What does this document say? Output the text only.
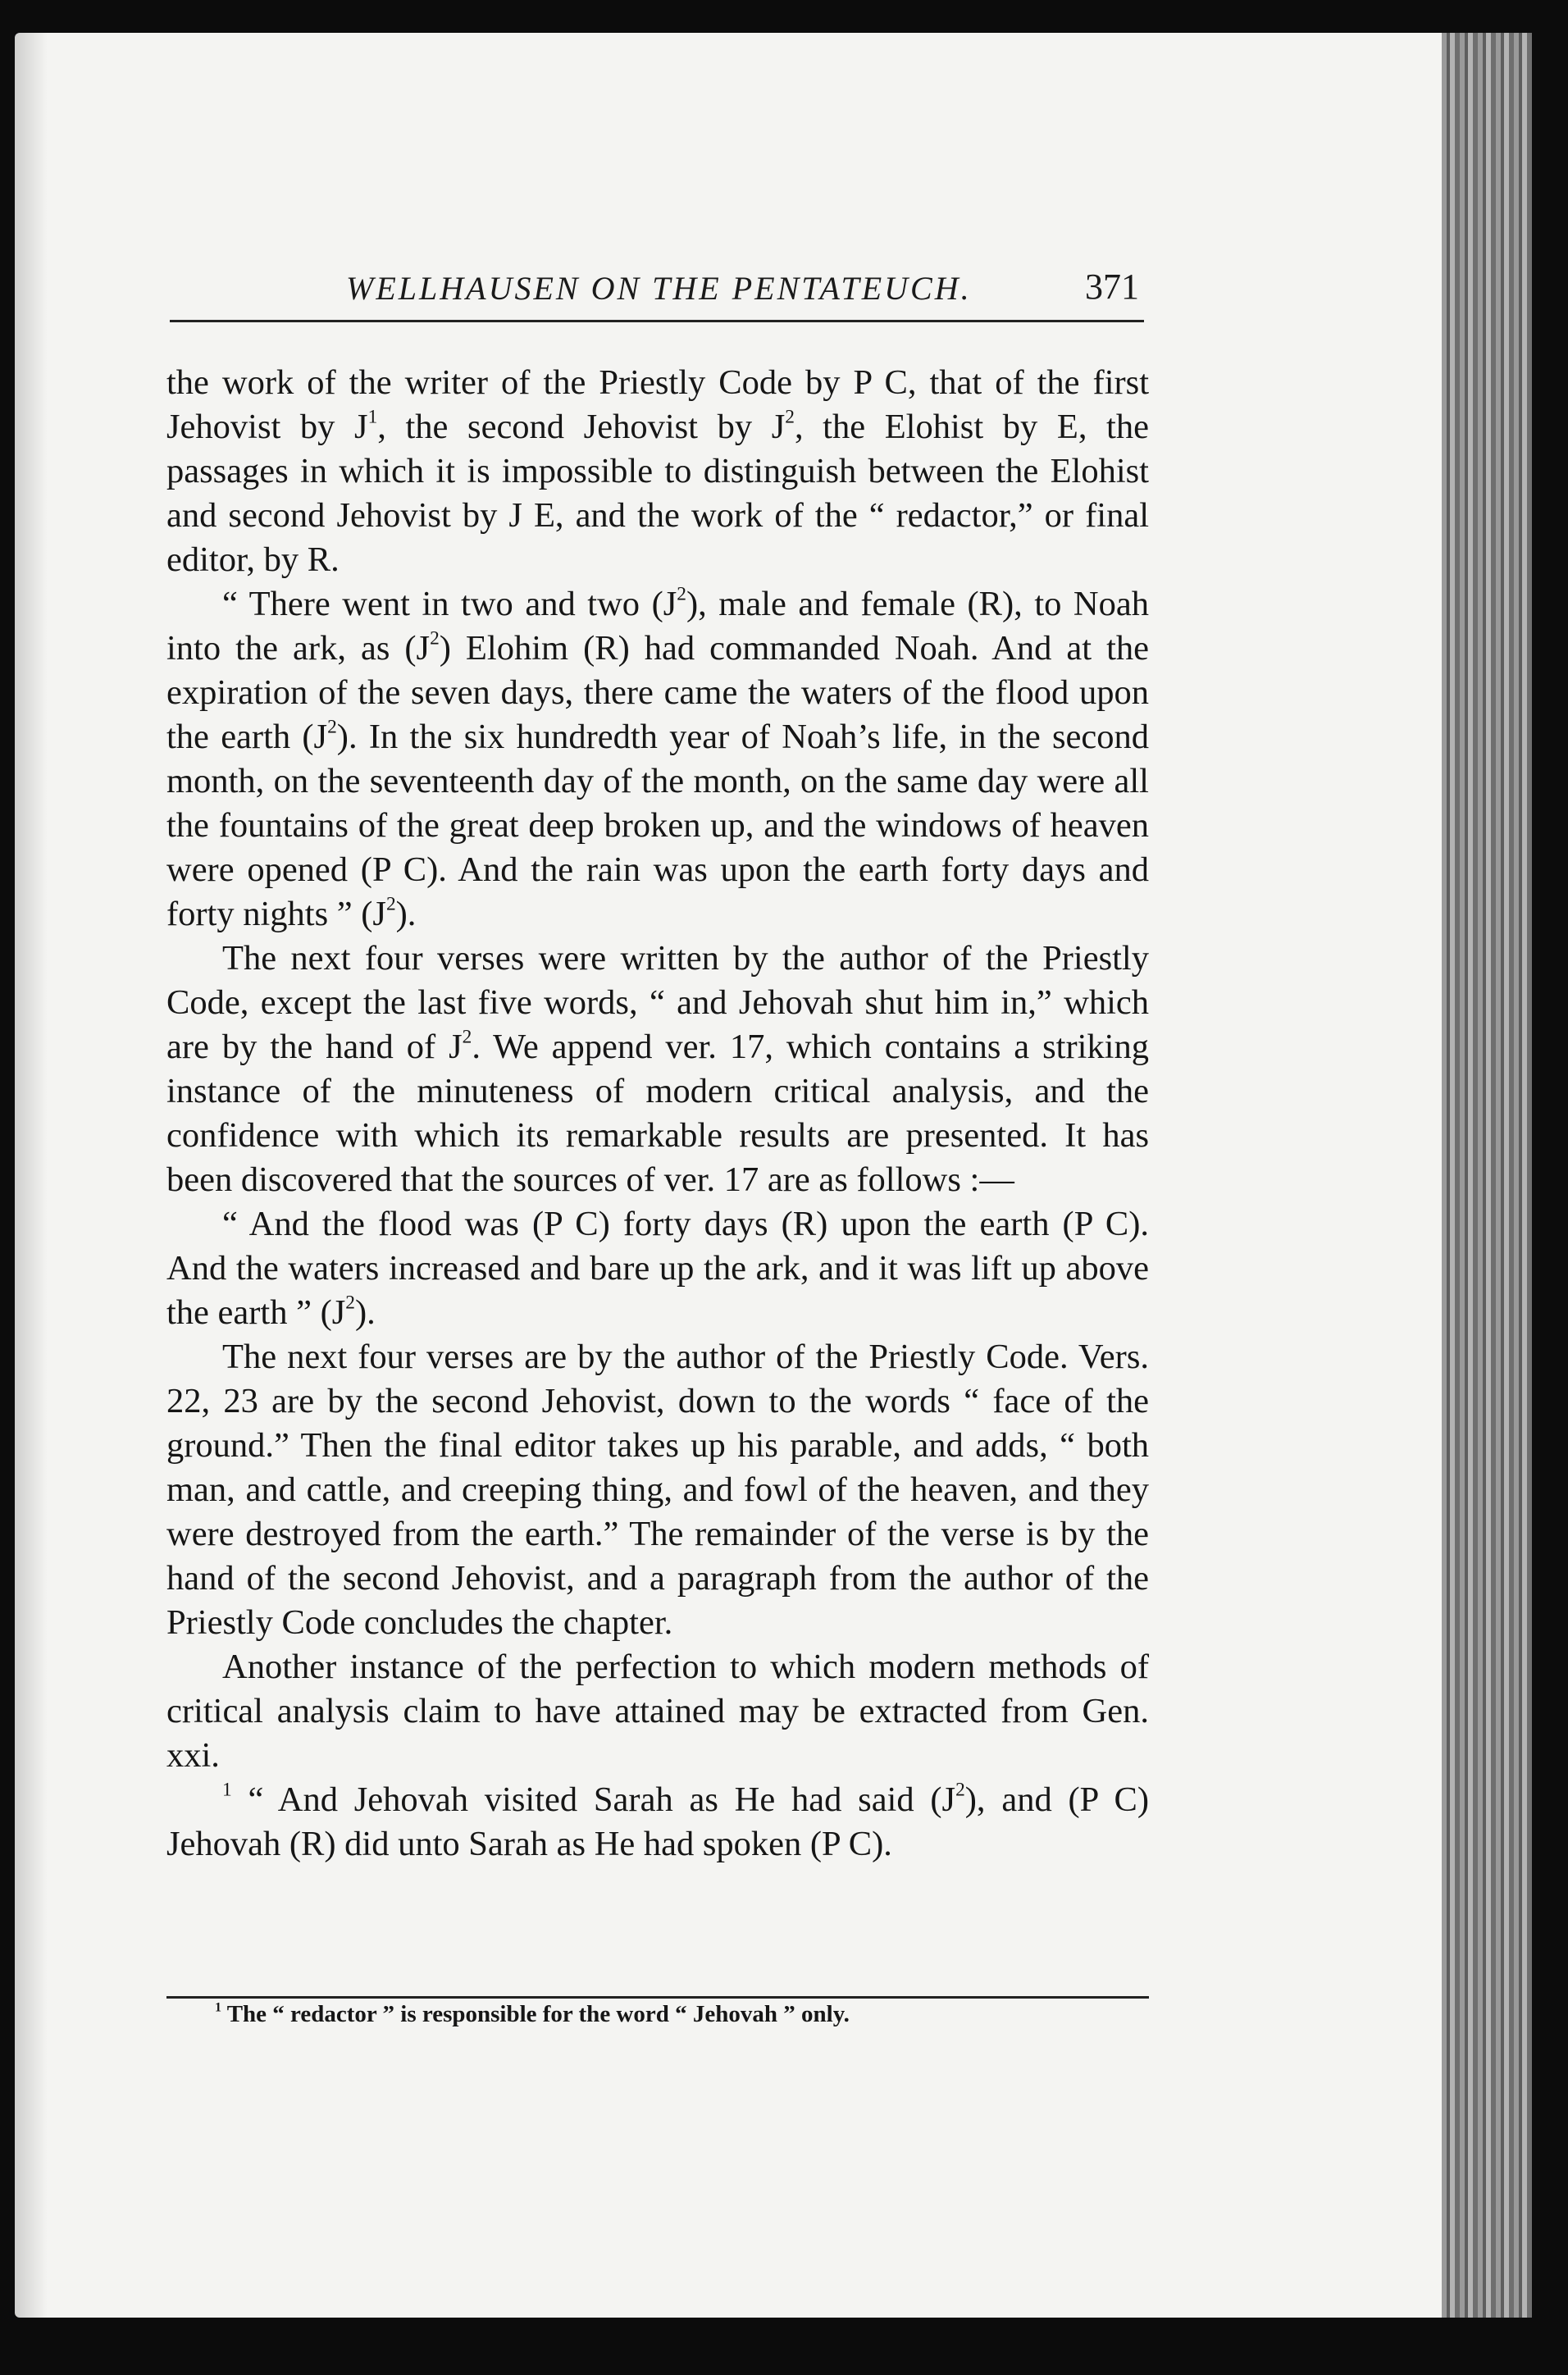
WELLHAUSEN ON THE PENTATEUCH.	371

the work of the writer of the Priestly Code by P C, that of the first Jehovist by $J^1$, the second Jehovist by $J^2$, the Elohist by E, the passages in which it is impossible to distinguish between the Elohist and second Jehovist by J E, and the work of the “ redactor,” or final editor, by R.

“ There went in two and two $(J^2)$, male and female (R), to Noah into the ark, as $(J^2)$ Elohim (R) had commanded Noah. And at the expiration of the seven days, there came the waters of the flood upon the earth $(J^2)$. In the six hundredth year of Noah’s life, in the second month, on the seventeenth day of the month, on the same day were all the fountains of the great deep broken up, and the windows of heaven were opened (P C). And the rain was upon the earth forty days and forty nights ” $(J^2)$.

The next four verses were written by the author of the Priestly Code, except the last five words, “ and Jehovah shut him in,” which are by the hand of $J^2$. We append ver. 17, which contains a striking instance of the minuteness of modern critical analysis, and the confidence with which its remarkable results are presented. It has been discovered that the sources of ver. 17 are as follows :—

“ And the flood was (P C) forty days (R) upon the earth (P C). And the waters increased and bare up the ark, and it was lift up above the earth ” $(J^2)$.

The next four verses are by the author of the Priestly Code. Vers. 22, 23 are by the second Jehovist, down to the words “ face of the ground.” Then the final editor takes up his parable, and adds, “ both man, and cattle, and creeping thing, and fowl of the heaven, and they were destroyed from the earth.” The remainder of the verse is by the hand of the second Jehovist, and a paragraph from the author of the Priestly Code concludes the chapter.

Another instance of the perfection to which modern methods of critical analysis claim to have attained may be extracted from Gen. xxi.

$^1$ “ And Jehovah visited Sarah as He had said $(J^2)$, and (P C) Jehovah (R) did unto Sarah as He had spoken (P C).

$^1$ The “ redactor ” is responsible for the word “ Jehovah ” only.
